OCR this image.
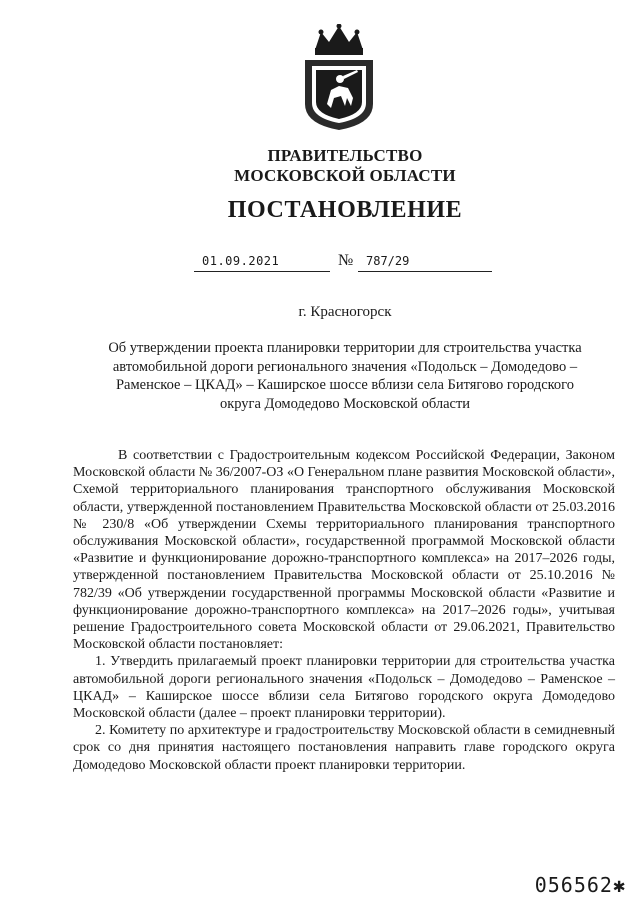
ПРАВИТЕЛЬСТВО
МОСКОВСКОЙ ОБЛАСТИ
ПОСТАНОВЛЕНИЕ
01.09.2021	№ 787/29
г. Красногорск
Об утверждении проекта планировки территории для строительства участка автомобильной дороги регионального значения «Подольск – Домодедово – Раменское – ЦКАД» – Каширское шоссе вблизи села Битягово городского округа Домодедово Московской области

В соответствии с Градостроительным кодексом Российской Федерации, Законом Московской области № 36/2007-ОЗ «О Генеральном плане развития Московской области», Схемой территориального планирования транспортного обслуживания Московской области, утвержденной постановлением Правительства Московской области от 25.03.2016 № 230/8 «Об утверждении Схемы территориального планирования транспортного обслуживания Московской области», государственной программой Московской области «Развитие и функционирование дорожно-транспортного комплекса» на 2017–2026 годы, утвержденной постановлением Правительства Московской области от 25.10.2016 № 782/39 «Об утверждении государственной программы Московской области «Развитие и функционирование дорожно-транспортного комплекса» на 2017–2026 годы», учитывая решение Градостроительного совета Московской области от 29.06.2021, Правительство Московской области постановляет:

1. Утвердить прилагаемый проект планировки территории для строительства участка автомобильной дороги регионального значения «Подольск – Домодедово – Раменское – ЦКАД» – Каширское шоссе вблизи села Битягово городского округа Домодедово Московской области (далее – проект планировки территории).

2. Комитету по архитектуре и градостроительству Московской области в семидневный срок со дня принятия настоящего постановления направить главе городского округа Домодедово Московской области проект планировки территории.

056562✱
